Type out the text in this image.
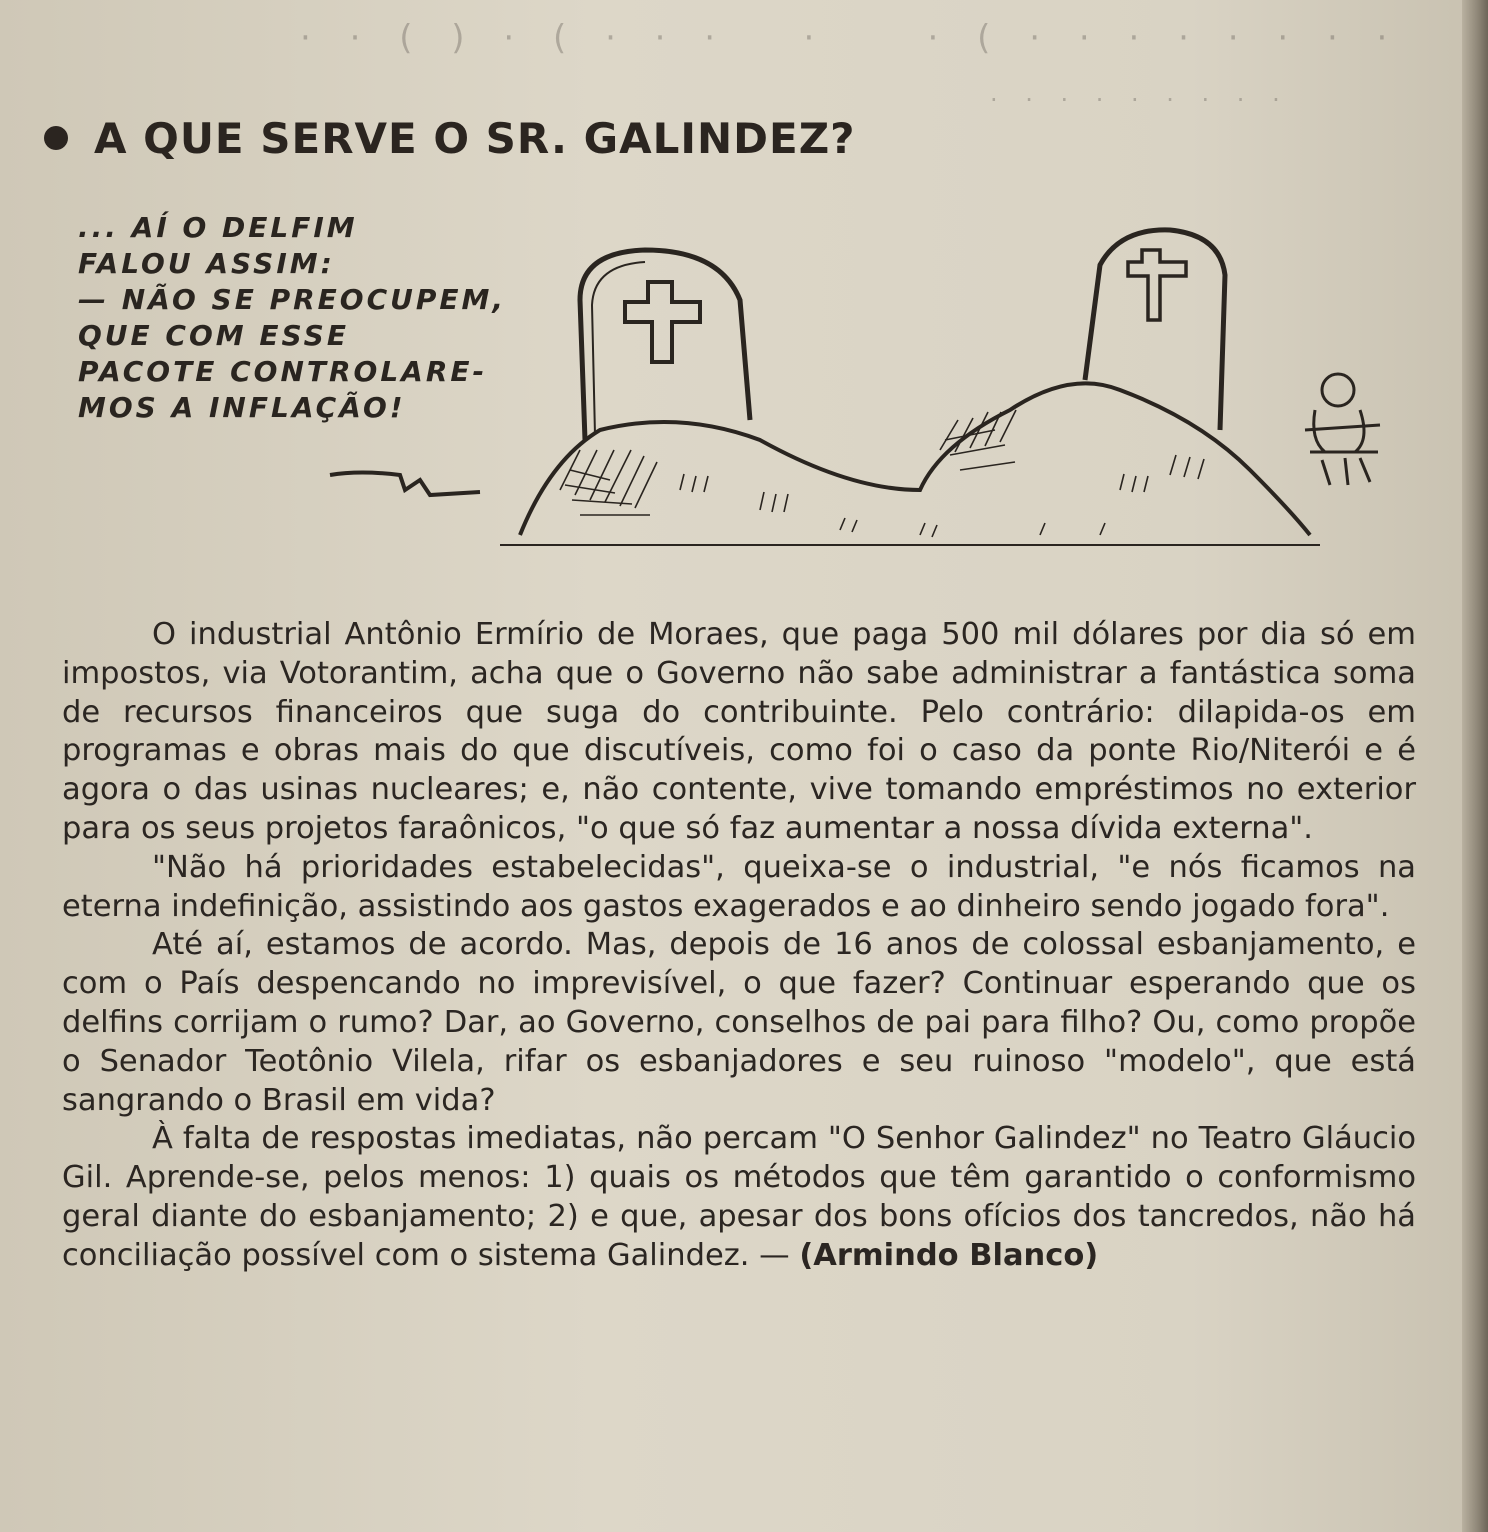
· · ( ) · ( · · ·   ·    · ( · · · · · · · ·
· · · · · · · · ·
A QUE SERVE O SR. GALINDEZ?
... AÍ O DELFIM
FALOU ASSIM:
— NÃO SE PREOCUPEM,
QUE COM ESSE
PACOTE CONTROLARE-
MOS A INFLAÇÃO!

O industrial Antônio Ermírio de Moraes, que paga 500 mil dólares por dia só em impostos, via Votorantim, acha que o Governo não sabe administrar a fantástica soma de recursos financeiros que suga do contribuinte. Pelo contrário: dilapida-os em programas e obras mais do que discutíveis, como foi o caso da ponte Rio/Niterói e é agora o das usinas nucleares; e, não contente, vive tomando empréstimos no exterior para os seus projetos faraônicos, "o que só faz aumentar a nossa dívida externa".

"Não há prioridades estabelecidas", queixa-se o industrial, "e nós ficamos na eterna indefinição, assistindo aos gastos exagerados e ao dinheiro sendo jogado fora".

Até aí, estamos de acordo. Mas, depois de 16 anos de colossal esbanjamento, e com o País despencando no imprevisível, o que fazer? Continuar esperando que os delfins corrijam o rumo? Dar, ao Governo, conselhos de pai para filho? Ou, como propõe o Senador Teotônio Vilela, rifar os esbanjadores e seu ruinoso "modelo", que está sangrando o Brasil em vida?

À falta de respostas imediatas, não percam "O Senhor Galindez" no Teatro Gláucio Gil. Aprende-se, pelos menos: 1) quais os métodos que têm garantido o conformismo geral diante do esbanjamento; 2) e que, apesar dos bons ofícios dos tancredos, não há conciliação possível com o sistema Galindez. — (Armindo Blanco)
